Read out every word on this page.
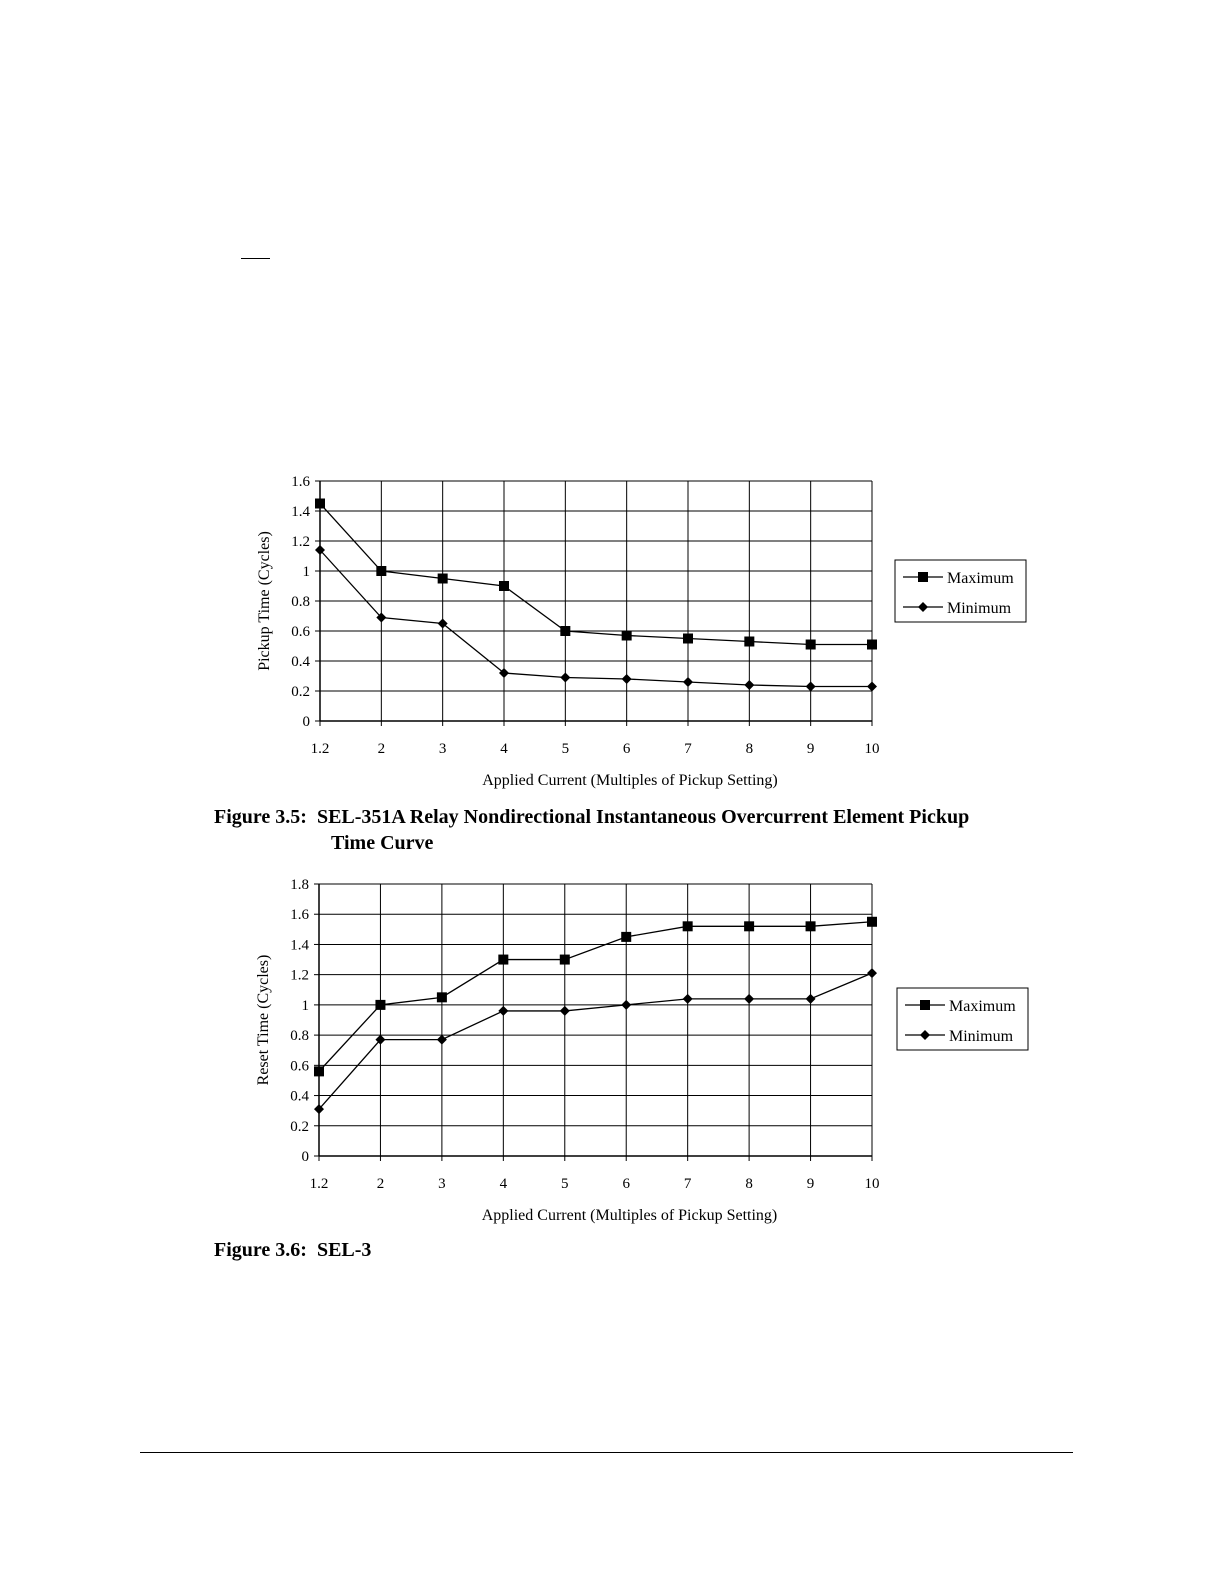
0
0.2
0.4
0.6
0.8
1
1.2
1.4
1.6
1.2	2	3	4	5	6	7	8	9	10
Applied Current (Multiples of Pickup Setting)
Pickup Time (Cycles)	Maximum
Minimum
Figure 3.5:  SEL-351A Relay Nondirectional Instantaneous Overcurrent Element Pickup
Time Curve
0
0.2
0.4
0.6
0.8
1
1.2
1.4
1.6
1.8
1.2	2	3	4	5	6	7	8	9	10
Applied Current (Multiples of Pickup Setting)
Reset Time (Cycles)	Maximum
Minimum
Figure 3.6:  SEL-3
